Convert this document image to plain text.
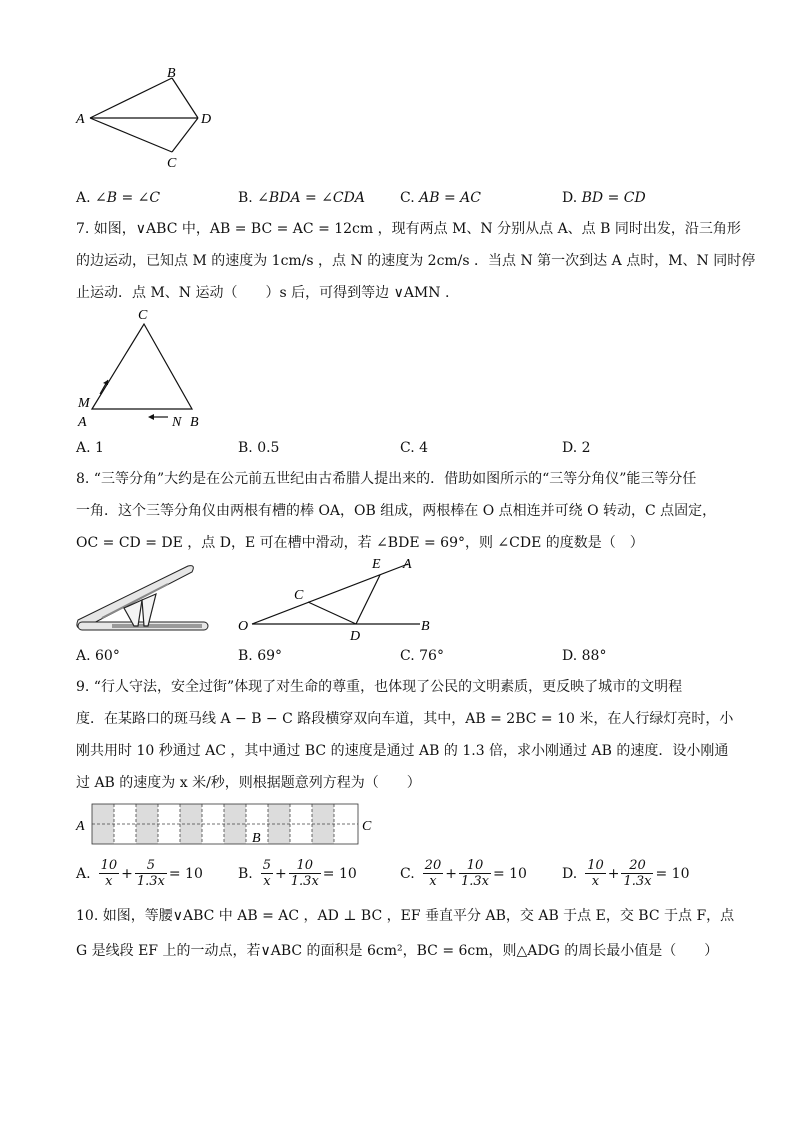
A
B
C
D
A. ∠B = ∠C	B. ∠BDA = ∠CDA	C. AB = AC	D. BD = CD
7. 如图，∨ABC 中，AB = BC = AC = 12cm ，现有两点 M、N 分别从点 A、点 B 同时出发，沿三角形
的边运动，已知点 M 的速度为 1cm/s ，点 N 的速度为 2cm/s ．当点 N 第一次到达 A 点时，M、N 同时停
止运动．点 M、N 运动（　　）s 后，可得到等边 ∨AMN .
C
M
A	N B
A. 1	B. 0.5	C. 4	D. 2
8. “三等分角”大约是在公元前五世纪由古希腊人提出来的．借助如图所示的“三等分角仪”能三等分任
一角．这个三等分角仪由两根有槽的棒 OA，OB 组成，两根棒在 O 点相连并可绕 O 转动，C 点固定，
OC = CD = DE ，点 D，E 可在槽中滑动，若 ∠BDE = 69°，则 ∠CDE 的度数是（　）
E A
C
O
D
B
A. 60°	B. 69°	C. 76°	D. 88°
9. “行人守法，安全过街”体现了对生命的尊重，也体现了公民的文明素质，更反映了城市的文明程
度．在某路口的斑马线 A − B − C 路段横穿双向车道，其中，AB = 2BC = 10 米，在人行绿灯亮时，小
刚共用时 10 秒通过 AC ，其中通过 BC 的速度是通过 AB 的 1.3 倍，求小刚通过 AB 的速度．设小刚通
过 AB 的速度为 x 米/秒，则根据题意列方程为（　　）
A
B
C
A. $\frac{10}{x} + \frac{5}{1.3x} = 10$	B. $\frac{5}{x} + \frac{10}{1.3x} = 10$	C. $\frac{20}{x} + \frac{10}{1.3x} = 10$	D. $\frac{10}{x} + \frac{20}{1.3x} = 10$
10. 如图，等腰∨ABC 中 AB = AC ，AD ⊥ BC ，EF 垂直平分 AB，交 AB 于点 E，交 BC 于点 F，点
G 是线段 EF 上的一动点，若∨ABC 的面积是 6cm²，BC = 6cm，则△ADG 的周长最小值是（　　）
